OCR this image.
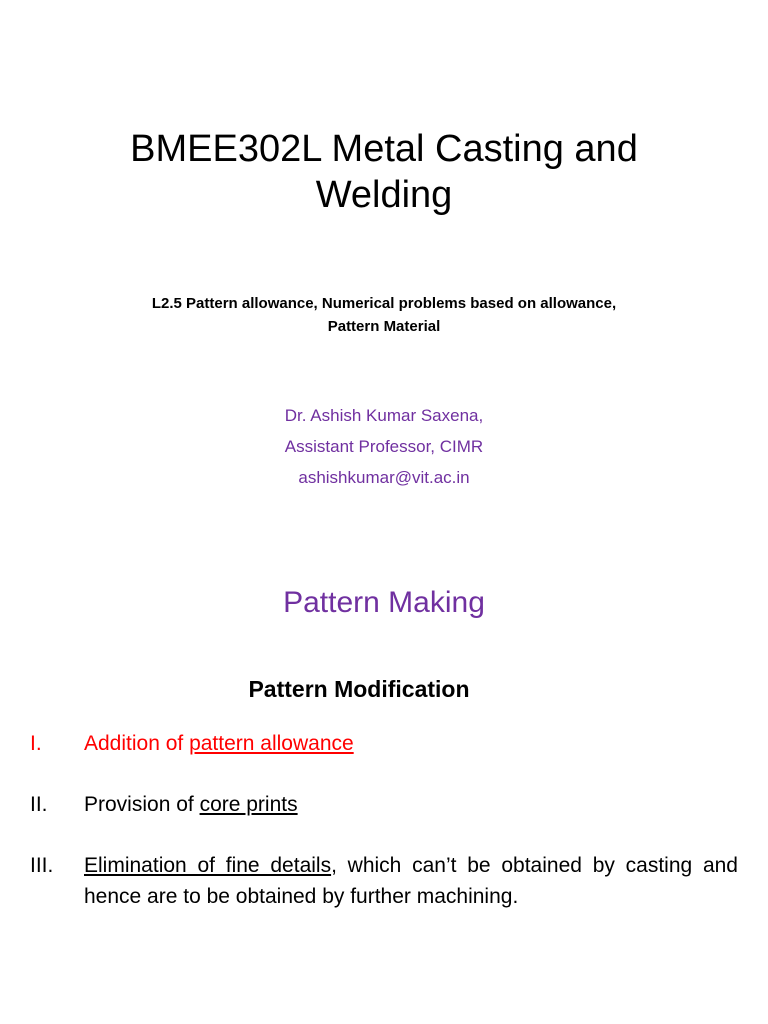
BMEE302L Metal Casting and Welding

L2.5 Pattern allowance, Numerical problems based on allowance, Pattern Material

Dr. Ashish Kumar Saxena,
Assistant Professor, CIMR
ashishkumar@vit.ac.in
Pattern Making
Pattern Modification
I.	Addition of pattern allowance
II.	Provision of core prints
III.	Elimination of fine details, which can’t be obtained by casting and hence are to be obtained by further machining.
